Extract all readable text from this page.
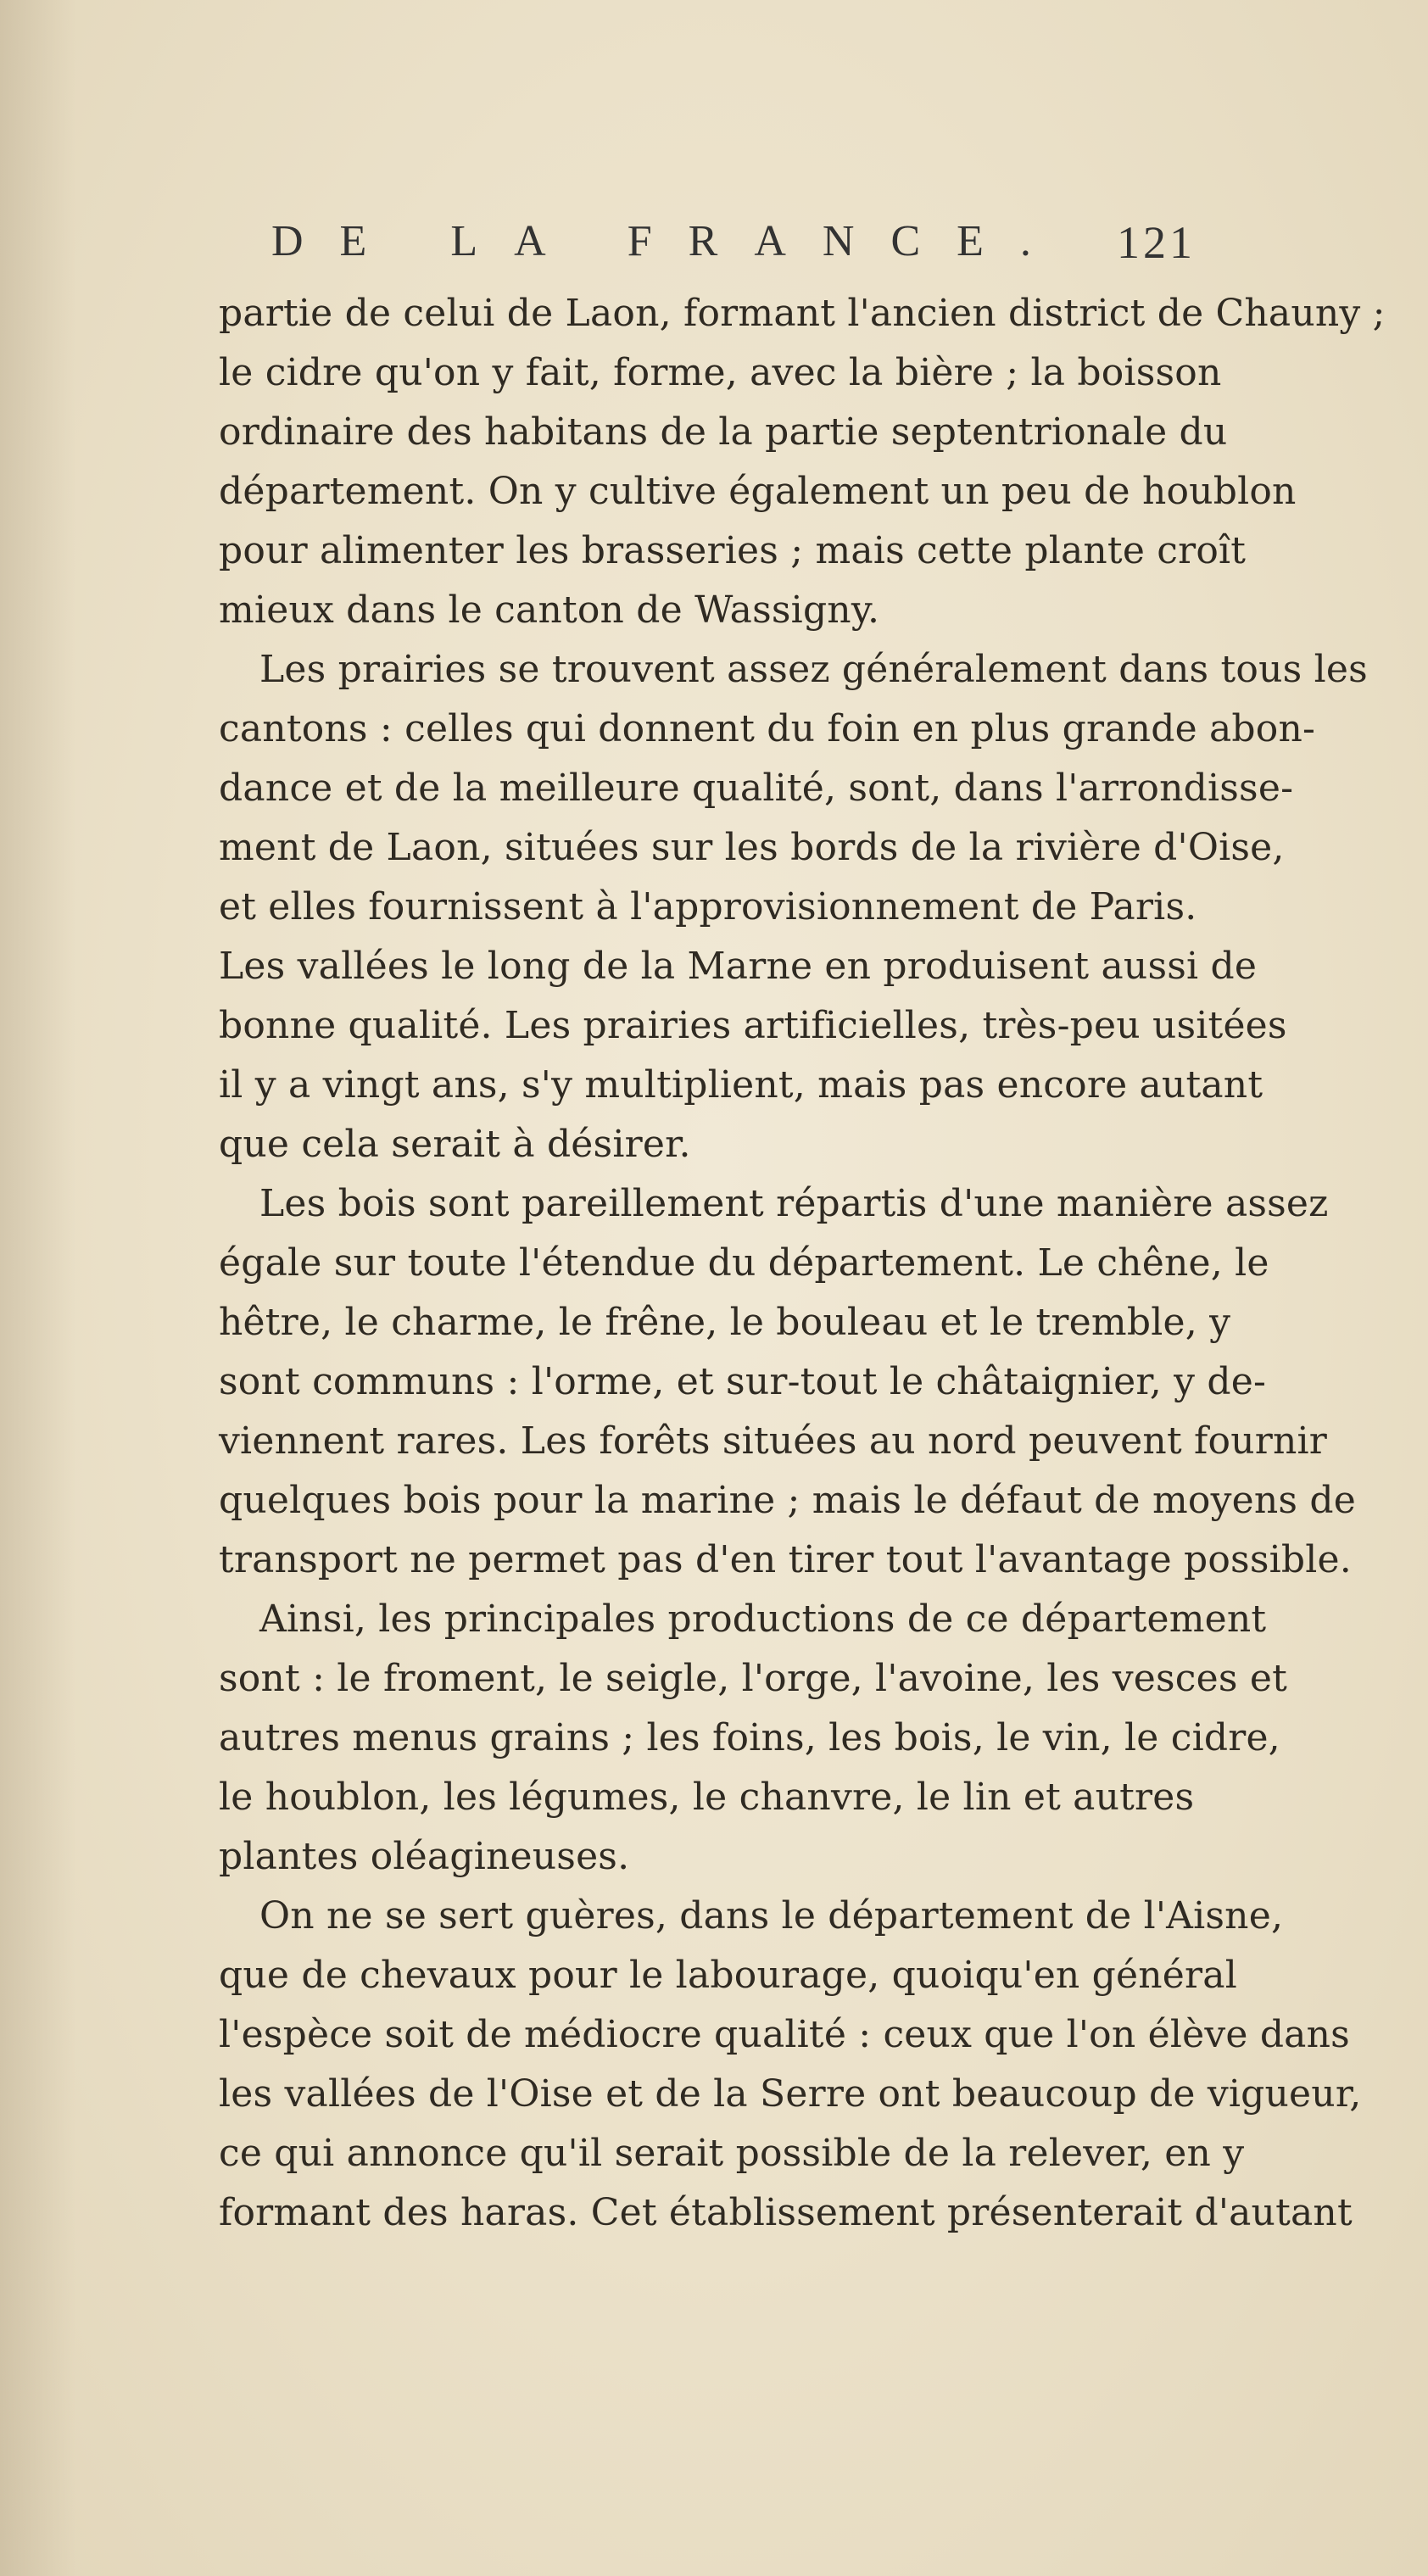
DE LA FRANCE. 121
partie de celui de Laon, formant l'ancien district de Chauny ;
le cidre qu'on y fait, forme, avec la bière ; la boisson
ordinaire des habitans de la partie septentrionale du
département. On y cultive également un peu de houblon
pour alimenter les brasseries ; mais cette plante croît
mieux dans le canton de Wassigny.
Les prairies se trouvent assez généralement dans tous les
cantons : celles qui donnent du foin en plus grande abon-
dance et de la meilleure qualité, sont, dans l'arrondisse-
ment de Laon, situées sur les bords de la rivière d'Oise,
et elles fournissent à l'approvisionnement de Paris.
Les vallées le long de la Marne en produisent aussi de
bonne qualité. Les prairies artificielles, très-peu usitées
il y a vingt ans, s'y multiplient, mais pas encore autant
que cela serait à désirer.
Les bois sont pareillement répartis d'une manière assez
égale sur toute l'étendue du département. Le chêne, le
hêtre, le charme, le frêne, le bouleau et le tremble, y
sont communs : l'orme, et sur-tout le châtaignier, y de-
viennent rares. Les forêts situées au nord peuvent fournir
quelques bois pour la marine ; mais le défaut de moyens de
transport ne permet pas d'en tirer tout l'avantage possible.
Ainsi, les principales productions de ce département
sont : le froment, le seigle, l'orge, l'avoine, les vesces et
autres menus grains ; les foins, les bois, le vin, le cidre,
le houblon, les légumes, le chanvre, le lin et autres
plantes oléagineuses.
On ne se sert guères, dans le département de l'Aisne,
que de chevaux pour le labourage, quoiqu'en général
l'espèce soit de médiocre qualité : ceux que l'on élève dans
les vallées de l'Oise et de la Serre ont beaucoup de vigueur,
ce qui annonce qu'il serait possible de la relever, en y
formant des haras. Cet établissement présenterait d'autant
